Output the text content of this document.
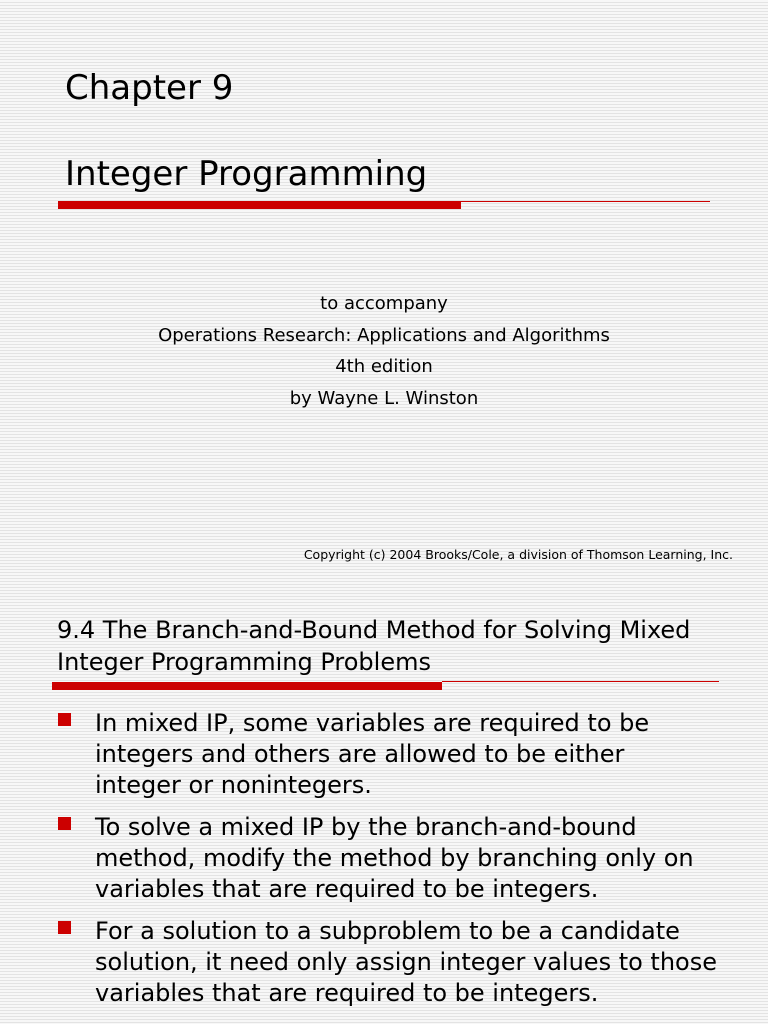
Chapter 9
Integer Programming
to accompany
Operations Research: Applications and Algorithms
4th edition
by Wayne L. Winston
Copyright (c) 2004 Brooks/Cole, a division of Thomson Learning, Inc.
9.4 The Branch-and-Bound Method for Solving Mixed Integer Programming Problems
In mixed IP, some variables are required to be integers and others are allowed to be either integer or nonintegers.
To solve a mixed IP by the branch-and-bound method, modify the method by branching only on variables that are required to be integers.
For a solution to a subproblem to be a candidate solution, it need only assign integer values to those variables that are required to be integers.
